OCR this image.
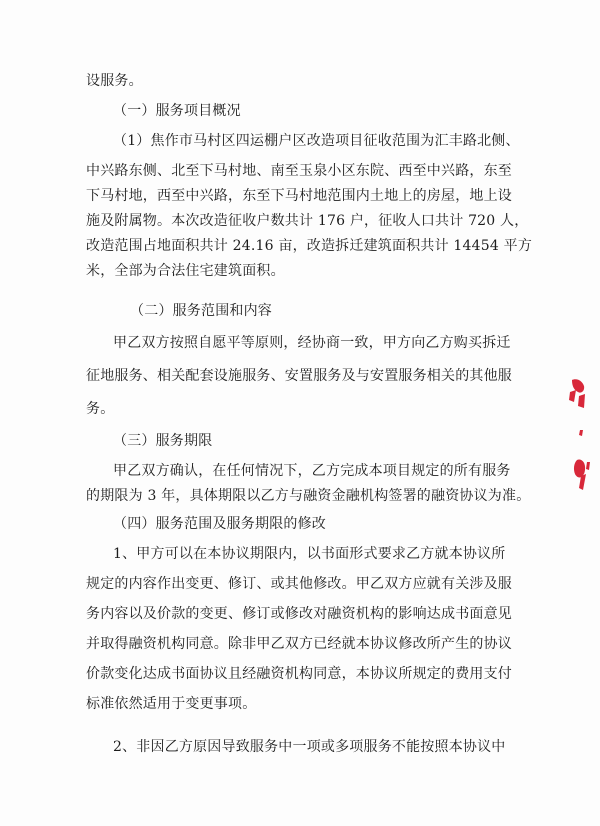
设服务。
（一）服务项目概况
（1）焦作市马村区四运棚户区改造项目征收范围为汇丰路北侧、
中兴路东侧、北至下马村地、南至玉泉小区东院、西至中兴路，东至
下马村地，西至中兴路，东至下马村地范围内土地上的房屋，地上设
施及附属物。本次改造征收户数共计 176 户，征收人口共计 720 人，
改造范围占地面积共计 24.16 亩，改造拆迁建筑面积共计 14454 平方
米，全部为合法住宅建筑面积。
（二）服务范围和内容
甲乙双方按照自愿平等原则，经协商一致，甲方向乙方购买拆迁
征地服务、相关配套设施服务、安置服务及与安置服务相关的其他服
务。
（三）服务期限
甲乙双方确认，在任何情况下，乙方完成本项目规定的所有服务
的期限为 3 年，具体期限以乙方与融资金融机构签署的融资协议为准。
（四）服务范围及服务期限的修改
1、甲方可以在本协议期限内，以书面形式要求乙方就本协议所
规定的内容作出变更、修订、或其他修改。甲乙双方应就有关涉及服
务内容以及价款的变更、修订或修改对融资机构的影响达成书面意见
并取得融资机构同意。除非甲乙双方已经就本协议修改所产生的协议
价款变化达成书面协议且经融资机构同意，本协议所规定的费用支付
标准依然适用于变更事项。
2、非因乙方原因导致服务中一项或多项服务不能按照本协议中
